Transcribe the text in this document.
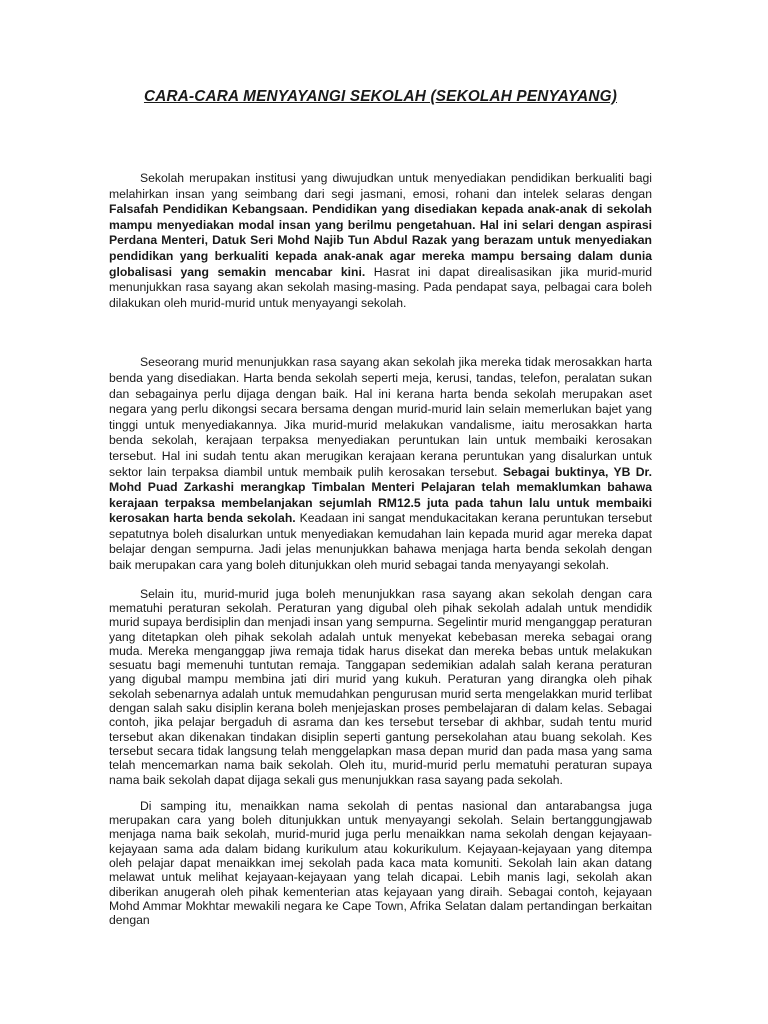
CARA-CARA MENYAYANGI SEKOLAH (SEKOLAH PENYAYANG)

Sekolah merupakan institusi yang diwujudkan untuk menyediakan pendidikan berkualiti bagi melahirkan insan yang seimbang dari segi jasmani, emosi, rohani dan intelek selaras dengan Falsafah Pendidikan Kebangsaan. Pendidikan yang disediakan kepada anak-anak di sekolah mampu menyediakan modal insan yang berilmu pengetahuan. Hal ini selari dengan aspirasi Perdana Menteri, Datuk Seri Mohd Najib Tun Abdul Razak yang berazam untuk menyediakan pendidikan yang berkualiti kepada anak-anak agar mereka mampu bersaing dalam dunia globalisasi yang semakin mencabar kini. Hasrat ini dapat direalisasikan jika murid-murid menunjukkan rasa sayang akan sekolah masing-masing. Pada pendapat saya, pelbagai cara boleh dilakukan oleh murid-murid untuk menyayangi sekolah.

Seseorang murid menunjukkan rasa sayang akan sekolah jika mereka tidak merosakkan harta benda yang disediakan. Harta benda sekolah seperti meja, kerusi, tandas, telefon, peralatan sukan dan sebagainya perlu dijaga dengan baik. Hal ini kerana harta benda sekolah merupakan aset negara yang perlu dikongsi secara bersama dengan murid-murid lain selain memerlukan bajet yang tinggi untuk menyediakannya. Jika murid-murid melakukan vandalisme, iaitu merosakkan harta benda sekolah, kerajaan terpaksa menyediakan peruntukan lain untuk membaiki kerosakan tersebut. Hal ini sudah tentu akan merugikan kerajaan kerana peruntukan yang disalurkan untuk sektor lain terpaksa diambil untuk membaik pulih kerosakan tersebut. Sebagai buktinya, YB Dr. Mohd Puad Zarkashi merangkap Timbalan Menteri Pelajaran telah memaklumkan bahawa kerajaan terpaksa membelanjakan sejumlah RM12.5 juta pada tahun lalu untuk membaiki kerosakan harta benda sekolah. Keadaan ini sangat mendukacitakan kerana peruntukan tersebut sepatutnya boleh disalurkan untuk menyediakan kemudahan lain kepada murid agar mereka dapat belajar dengan sempurna. Jadi jelas menunjukkan bahawa menjaga harta benda sekolah dengan baik merupakan cara yang boleh ditunjukkan oleh murid sebagai tanda menyayangi sekolah.

Selain itu, murid-murid juga boleh menunjukkan rasa sayang akan sekolah dengan cara mematuhi peraturan sekolah. Peraturan yang digubal oleh pihak sekolah adalah untuk mendidik murid supaya berdisiplin dan menjadi insan yang sempurna. Segelintir murid menganggap peraturan yang ditetapkan oleh pihak sekolah adalah untuk menyekat kebebasan mereka sebagai orang muda. Mereka menganggap jiwa remaja tidak harus disekat dan mereka bebas untuk melakukan sesuatu bagi memenuhi tuntutan remaja. Tanggapan sedemikian adalah salah kerana peraturan yang digubal mampu membina jati diri murid yang kukuh. Peraturan yang dirangka oleh pihak sekolah sebenarnya adalah untuk memudahkan pengurusan murid serta mengelakkan murid terlibat dengan salah saku disiplin kerana boleh menjejaskan proses pembelajaran di dalam kelas. Sebagai contoh, jika pelajar bergaduh di asrama dan kes tersebut tersebar di akhbar, sudah tentu murid tersebut akan dikenakan tindakan disiplin seperti gantung persekolahan atau buang sekolah. Kes tersebut secara tidak langsung telah menggelapkan masa depan murid dan pada masa yang sama telah mencemarkan nama baik sekolah. Oleh itu, murid-murid perlu mematuhi peraturan supaya nama baik sekolah dapat dijaga sekali gus menunjukkan rasa sayang pada sekolah.

Di samping itu, menaikkan nama sekolah di pentas nasional dan antarabangsa juga merupakan cara yang boleh ditunjukkan untuk menyayangi sekolah. Selain bertanggungjawab menjaga nama baik sekolah, murid-murid juga perlu menaikkan nama sekolah dengan kejayaan-kejayaan sama ada dalam bidang kurikulum atau kokurikulum. Kejayaan-kejayaan yang ditempa oleh pelajar dapat menaikkan imej sekolah pada kaca mata komuniti. Sekolah lain akan datang melawat untuk melihat kejayaan-kejayaan yang telah dicapai. Lebih manis lagi, sekolah akan diberikan anugerah oleh pihak kementerian atas kejayaan yang diraih. Sebagai contoh, kejayaan Mohd Ammar Mokhtar mewakili negara ke Cape Town, Afrika Selatan dalam pertandingan berkaitan dengan
